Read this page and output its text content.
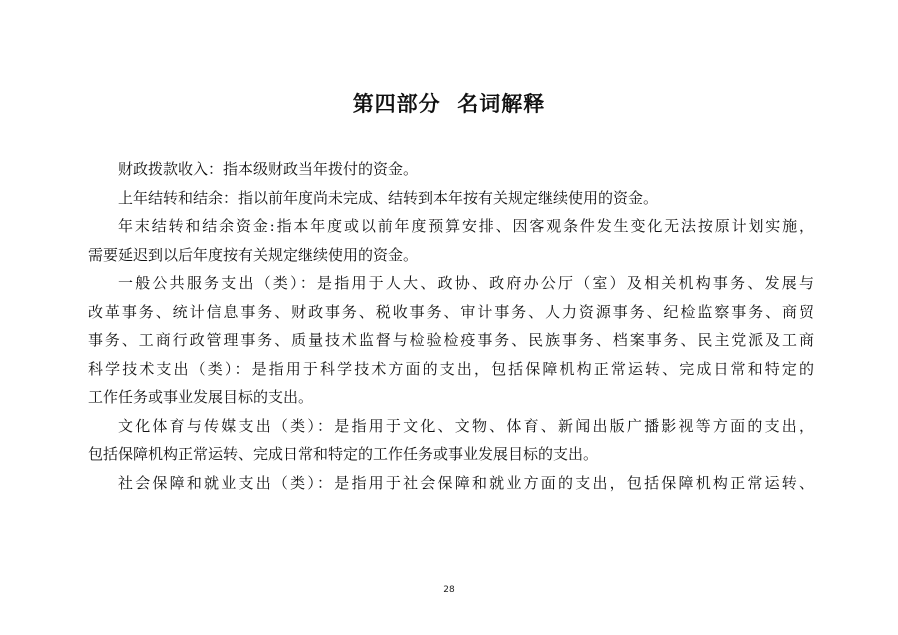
第四部分  名词解释
财政拨款收入：指本级财政当年拨付的资金。
上年结转和结余：指以前年度尚未完成、结转到本年按有关规定继续使用的资金。
年末结转和结余资金:指本年度或以前年度预算安排、因客观条件发生变化无法按原计划实施，
需要延迟到以后年度按有关规定继续使用的资金。
一般公共服务支出（类）：是指用于人大、政协、政府办公厅（室）及相关机构事务、发展与
改革事务、统计信息事务、财政事务、税收事务、审计事务、人力资源事务、纪检监察事务、商贸
事务、工商行政管理事务、质量技术监督与检验检疫事务、民族事务、档案事务、民主党派及工商
科学技术支出（类）：是指用于科学技术方面的支出，包括保障机构正常运转、完成日常和特定的
工作任务或事业发展目标的支出。
文化体育与传媒支出（类）：是指用于文化、文物、体育、新闻出版广播影视等方面的支出，
包括保障机构正常运转、完成日常和特定的工作任务或事业发展目标的支出。
社会保障和就业支出（类）：是指用于社会保障和就业方面的支出，包括保障机构正常运转、
28
